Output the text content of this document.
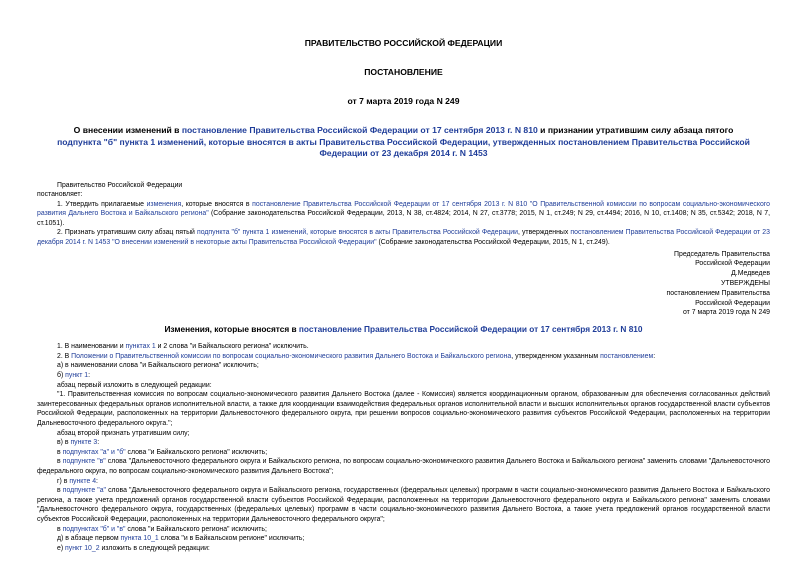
ПРАВИТЕЛЬСТВО РОССИЙСКОЙ ФЕДЕРАЦИИ
ПОСТАНОВЛЕНИЕ
от 7 марта 2019 года N 249
О внесении изменений в постановление Правительства Российской Федерации от 17 сентября 2013 г. N 810 и признании утратившим силу абзаца пятого подпункта "б" пункта 1 изменений, которые вносятся в акты Правительства Российской Федерации, утвержденных постановлением Правительства Российской Федерации от 23 декабря 2014 г. N 1453

Правительство Российской Федерации

постановляет:

1. Утвердить прилагаемые изменения, которые вносятся в постановление Правительства Российской Федерации от 17 сентября 2013 г. N 810 "О Правительственной комиссии по вопросам социально-экономического развития Дальнего Востока и Байкальского региона" (Собрание законодательства Российской Федерации, 2013, N 38, ст.4824; 2014, N 27, ст.3778; 2015, N 1, ст.249; N 29, ст.4494; 2016, N 10, ст.1408; N 35, ст.5342; 2018, N 7, ст.1051).

2. Признать утратившим силу абзац пятый подпункта "б" пункта 1 изменений, которые вносятся в акты Правительства Российской Федерации, утвержденных постановлением Правительства Российской Федерации от 23 декабря 2014 г. N 1453 "О внесении изменений в некоторые акты Правительства Российской Федерации" (Собрание законодательства Российской Федерации, 2015, N 1, ст.249).

Председатель Правительства
Российской Федерации
Д.Медведев
УТВЕРЖДЕНЫ
постановлением Правительства
Российской Федерации
от 7 марта 2019 года N 249
Изменения, которые вносятся в постановление Правительства Российской Федерации от 17 сентября 2013 г. N 810

1. В наименовании и пунктах 1 и 2 слова "и Байкальского региона" исключить.

2. В Положении о Правительственной комиссии по вопросам социально-экономического развития Дальнего Востока и Байкальского региона, утвержденном указанным постановлением:

а) в наименовании слова "и Байкальского региона" исключить;

б) пункт 1:

абзац первый изложить в следующей редакции:

"1. Правительственная комиссия по вопросам социально-экономического развития Дальнего Востока (далее - Комиссия) является координационным органом, образованным для обеспечения согласованных действий заинтересованных федеральных органов исполнительной власти, а также для координации взаимодействия федеральных органов исполнительной власти и высших исполнительных органов государственной власти субъектов Российской Федерации, расположенных на территории Дальневосточного федерального округа, при решении вопросов социально-экономического развития субъектов Российской Федерации, расположенных на территории Дальневосточного федерального округа.";

абзац второй признать утратившим силу;

в) в пункте 3:

в подпунктах "а" и "б" слова "и Байкальского региона" исключить;

в подпункте "в" слова "Дальневосточного федерального округа и Байкальского региона, по вопросам социально-экономического развития Дальнего Востока и Байкальского региона" заменить словами "Дальневосточного федерального округа, по вопросам социально-экономического развития Дальнего Востока";

г) в пункте 4:

в подпункте "а" слова "Дальневосточного федерального округа и Байкальского региона, государственных (федеральных целевых) программ в части социально-экономического развития Дальнего Востока и Байкальского региона, а также учета предложений органов государственной власти субъектов Российской Федерации, расположенных на территории Дальневосточного федерального округа и Байкальского региона" заменить словами "Дальневосточного федерального округа, государственных (федеральных целевых) программ в части социально-экономического развития Дальнего Востока, а также учета предложений органов государственной власти субъектов Российской Федерации, расположенных на территории Дальневосточного федерального округа";

в подпунктах "б" и "в" слова "и Байкальского региона" исключить;

д) в абзаце первом пункта 10_1 слова "и в Байкальском регионе" исключить;

е) пункт 10_2 изложить в следующей редакции:
